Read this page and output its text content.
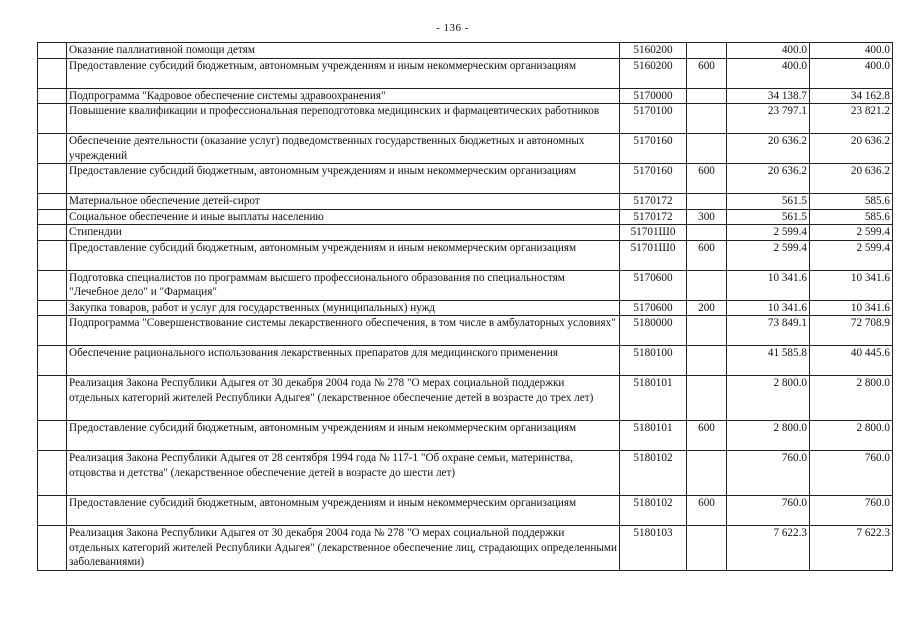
- 136 -
	Оказание паллиативной помощи детям	5160200		400.0	400.0
	Предоставление субсидий бюджетным, автономным учреждениям и иным некоммерческим организациям	5160200	600	400.0	400.0
	Подпрограмма "Кадровое обеспечение системы здравоохранения"	5170000		34 138.7	34 162.8
	Повышение квалификации и профессиональная переподготовка медицинских и фармацевтических работников	5170100		23 797.1	23 821.2
	Обеспечение деятельности (оказание услуг) подведомственных государственных бюджетных и автономных учреждений	5170160		20 636.2	20 636.2
	Предоставление субсидий бюджетным, автономным учреждениям и иным некоммерческим организациям	5170160	600	20 636.2	20 636.2
	Материальное обеспечение детей-сирот	5170172		561.5	585.6
	Социальное обеспечение и иные выплаты населению	5170172	300	561.5	585.6
	Стипендии	51701Ш0		2 599.4	2 599.4
	Предоставление субсидий бюджетным, автономным учреждениям и иным некоммерческим организациям	51701Ш0	600	2 599.4	2 599.4
	Подготовка специалистов по программам высшего профессионального образования по специальностям "Лечебное дело" и "Фармация"	5170600		10 341.6	10 341.6
	Закупка товаров, работ и услуг для государственных (муниципальных) нужд	5170600	200	10 341.6	10 341.6
	Подпрограмма "Совершенствование системы лекарственного обеспечения, в том числе в амбулаторных условиях"	5180000		73 849.1	72 708.9
	Обеспечение рационального использования лекарственных препаратов для медицинского применения	5180100		41 585.8	40 445.6
	Реализация Закона Республики Адыгея от 30 декабря 2004 года № 278 "О мерах социальной поддержки отдельных категорий жителей Республики Адыгея" (лекарственное обеспечение детей в возрасте до трех лет)	5180101		2 800.0	2 800.0
	Предоставление субсидий бюджетным, автономным учреждениям и иным некоммерческим организациям	5180101	600	2 800.0	2 800.0
	Реализация Закона Республики Адыгея от 28 сентября 1994 года № 117-1 "Об охране семьи, материнства, отцовства и детства" (лекарственное обеспечение детей в возрасте до шести лет)	5180102		760.0	760.0
	Предоставление субсидий бюджетным, автономным учреждениям и иным некоммерческим организациям	5180102	600	760.0	760.0
	Реализация Закона Республики Адыгея от 30 декабря 2004 года № 278 "О мерах социальной поддержки отдельных категорий жителей Республики Адыгея" (лекарственное обеспечение лиц, страдающих определенными заболеваниями)	5180103		7 622.3	7 622.3
